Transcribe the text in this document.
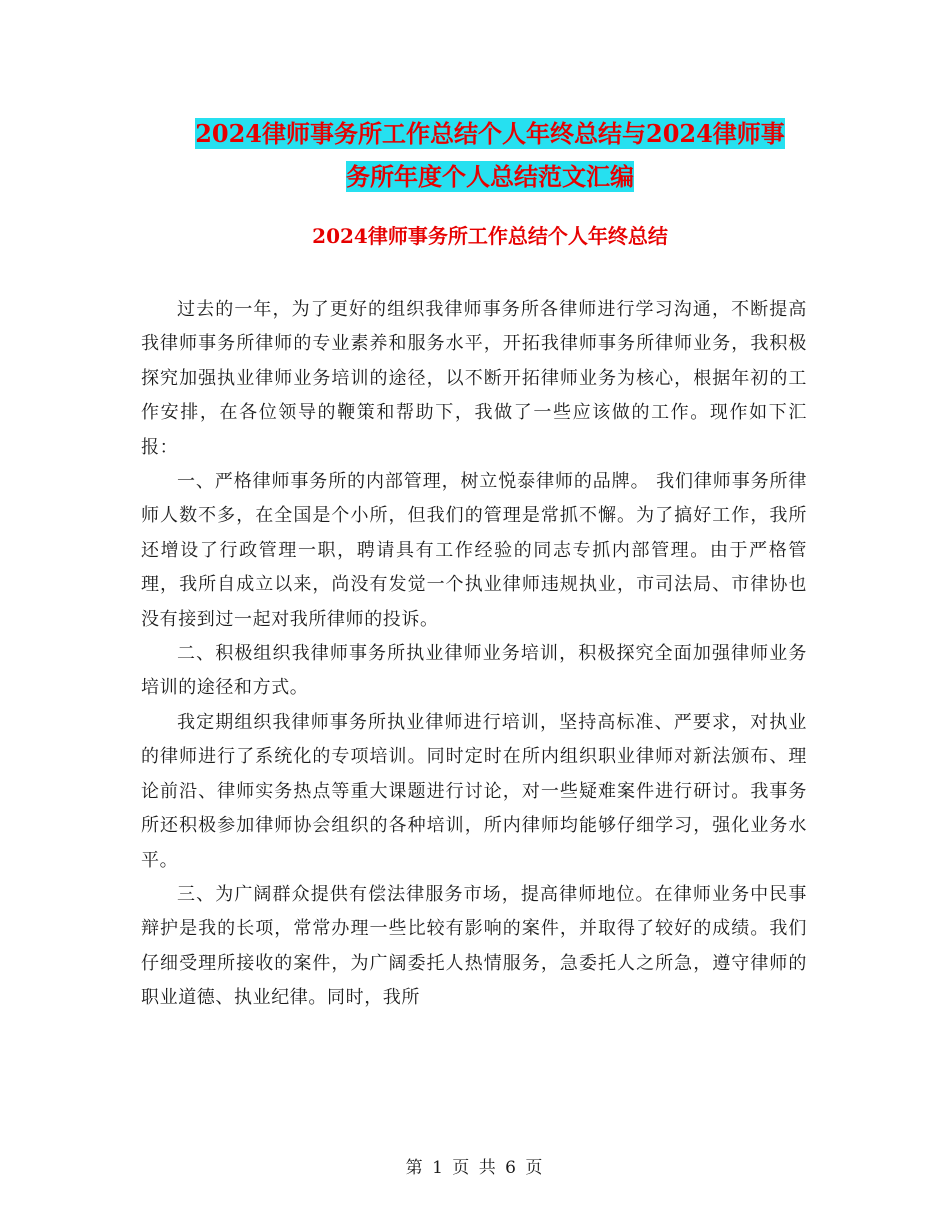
2024律师事务所工作总结个人年终总结与2024律师事
务所年度个人总结范文汇编
2024律师事务所工作总结个人年终总结

过去的一年，为了更好的组织我律师事务所各律师进行学习沟通，不断提高我律师事务所律师的专业素养和服务水平，开拓我律师事务所律师业务，我积极探究加强执业律师业务培训的途径，以不断开拓律师业务为核心，根据年初的工作安排，在各位领导的鞭策和帮助下，我做了一些应该做的工作。现作如下汇报：

一、严格律师事务所的内部管理，树立悦泰律师的品牌。 我们律师事务所律师人数不多，在全国是个小所，但我们的管理是常抓不懈。为了搞好工作，我所还增设了行政管理一职，聘请具有工作经验的同志专抓内部管理。由于严格管理，我所自成立以来，尚没有发觉一个执业律师违规执业，市司法局、市律协也没有接到过一起对我所律师的投诉。

二、积极组织我律师事务所执业律师业务培训，积极探究全面加强律师业务培训的途径和方式。

我定期组织我律师事务所执业律师进行培训，坚持高标准、严要求，对执业的律师进行了系统化的专项培训。同时定时在所内组织职业律师对新法颁布、理论前沿、律师实务热点等重大课题进行讨论，对一些疑难案件进行研讨。我事务所还积极参加律师协会组织的各种培训，所内律师均能够仔细学习，强化业务水平。

三、为广阔群众提供有偿法律服务市场，提高律师地位。在律师业务中民事辩护是我的长项，常常办理一些比较有影响的案件，并取得了较好的成绩。我们仔细受理所接收的案件，为广阔委托人热情服务，急委托人之所急，遵守律师的职业道德、执业纪律。同时，我所

第 1 页 共 6 页
